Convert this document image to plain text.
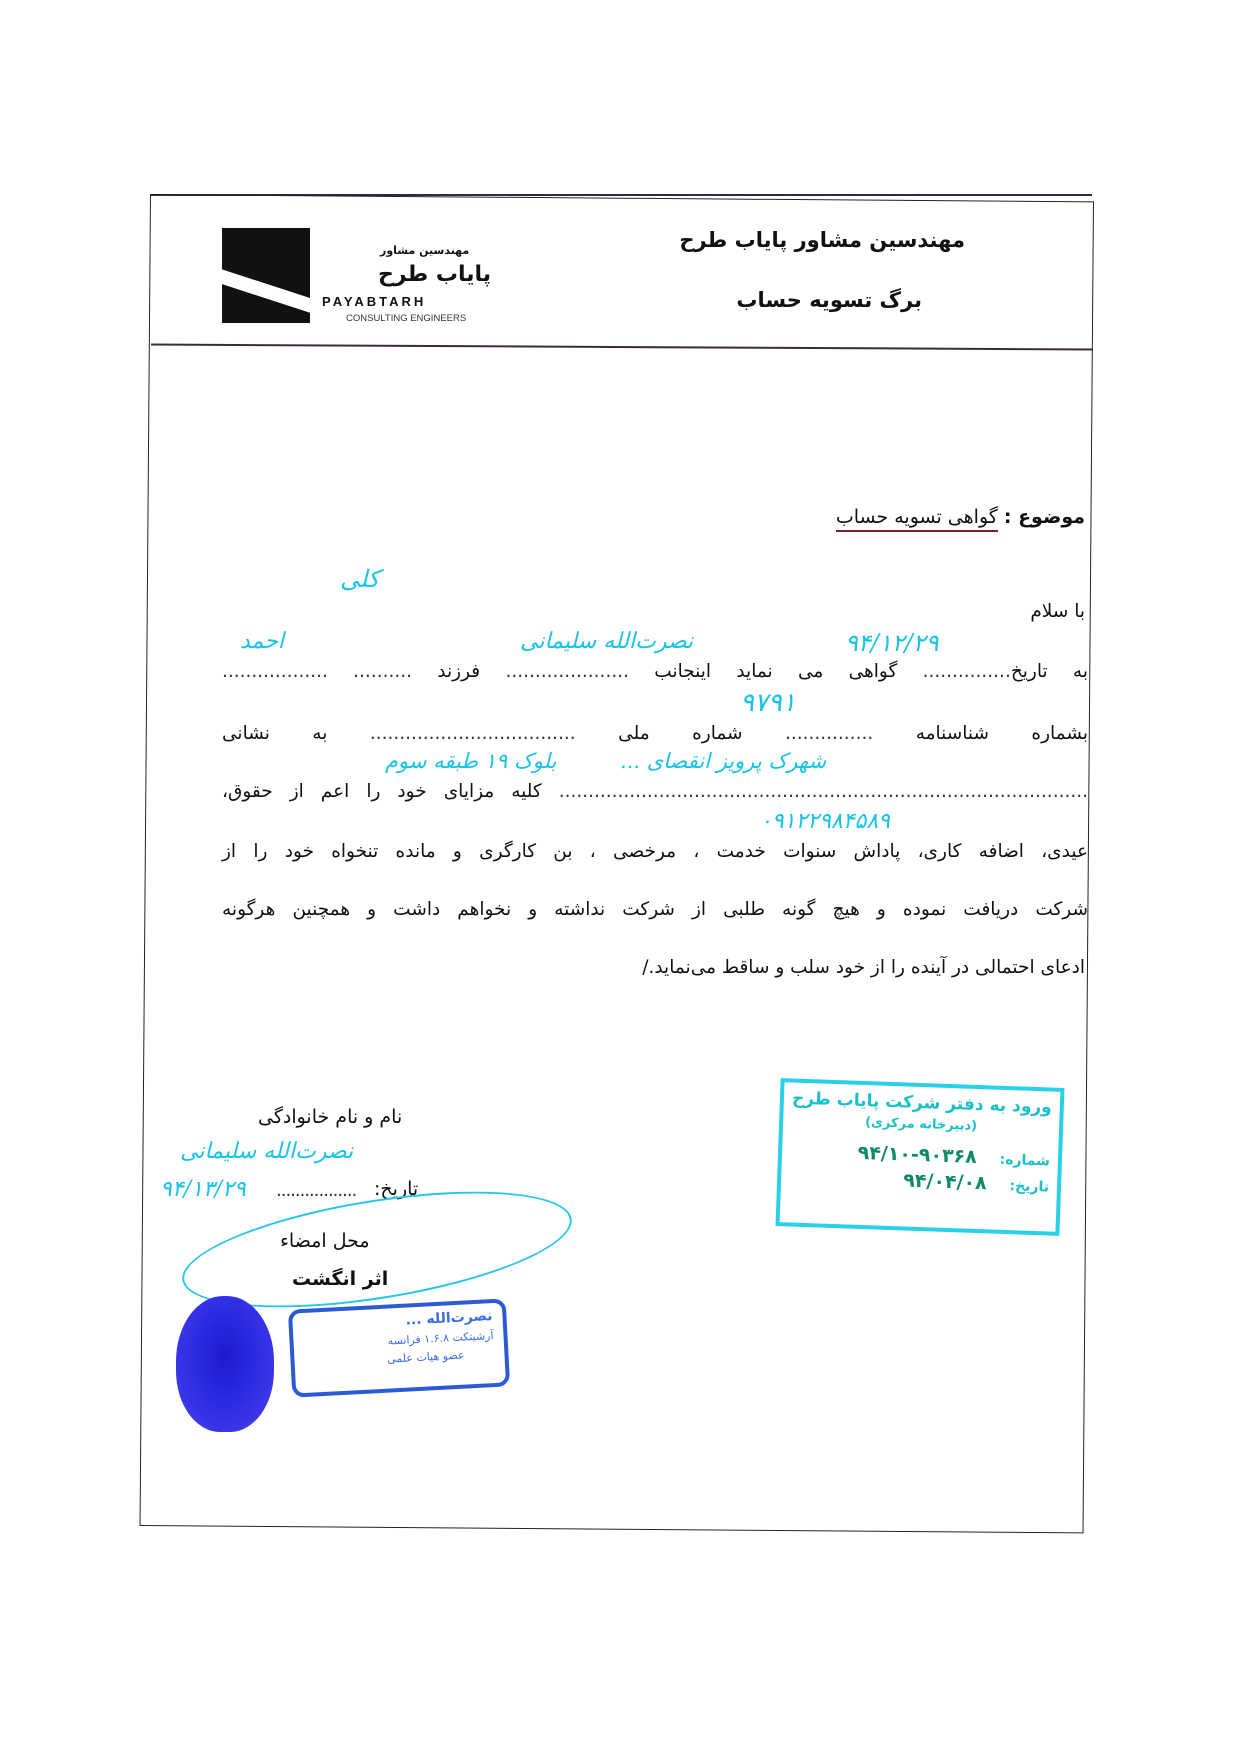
مهندسین مشاور
پایاب طرح
PAYABTARH
CONSULTING ENGINEERS
مهندسین مشاور پایاب طرح
برگ تسویه حساب
موضوع : گواهی تسویه حساب
با سلام
به تاریخ............... گواهی می نماید اینجانب ..................... فرزند .......... ..................
بشماره شناسنامه ............... شماره ملی ................................... به نشانی
.......................................................................................... کلیه مزایای خود را اعم از حقوق،
عیدی، اضافه کاری، پاداش سنوات خدمت ، مرخصی ، بن کارگری و مانده تنخواه خود را از
شرکت دریافت نموده و هیچ گونه طلبی از شرکت نداشته و نخواهم داشت و همچنین هرگونه
ادعای احتمالی در آینده را از خود سلب و ساقط می‌نماید./
کلی
۹۴/۱۲/۲۹
نصرت‌الله سلیمانی
احمد
۹۷۹۱
بلوک ۱۹ طبقه سوم	شهرک پرویز انقصای ...
۰۹۱۲۲۹۸۴۵۸۹
نام و نام خانوادگی
نصرت‌الله سلیمانی
تاریخ:
.................
۹۴/۱۳/۲۹
محل امضاء
اثر انگشت
نصرت‌الله ...
آرشیتکت ۱.۶.۸ فرانسه
عضو هیات علمی
ورود به دفتر شرکت پایاب طرح
(دبیرخانه مرکزی)
شماره: ۹۰۳۶۸-۹۴/۱۰
تاریخ: ۹۴/۰۴/۰۸
